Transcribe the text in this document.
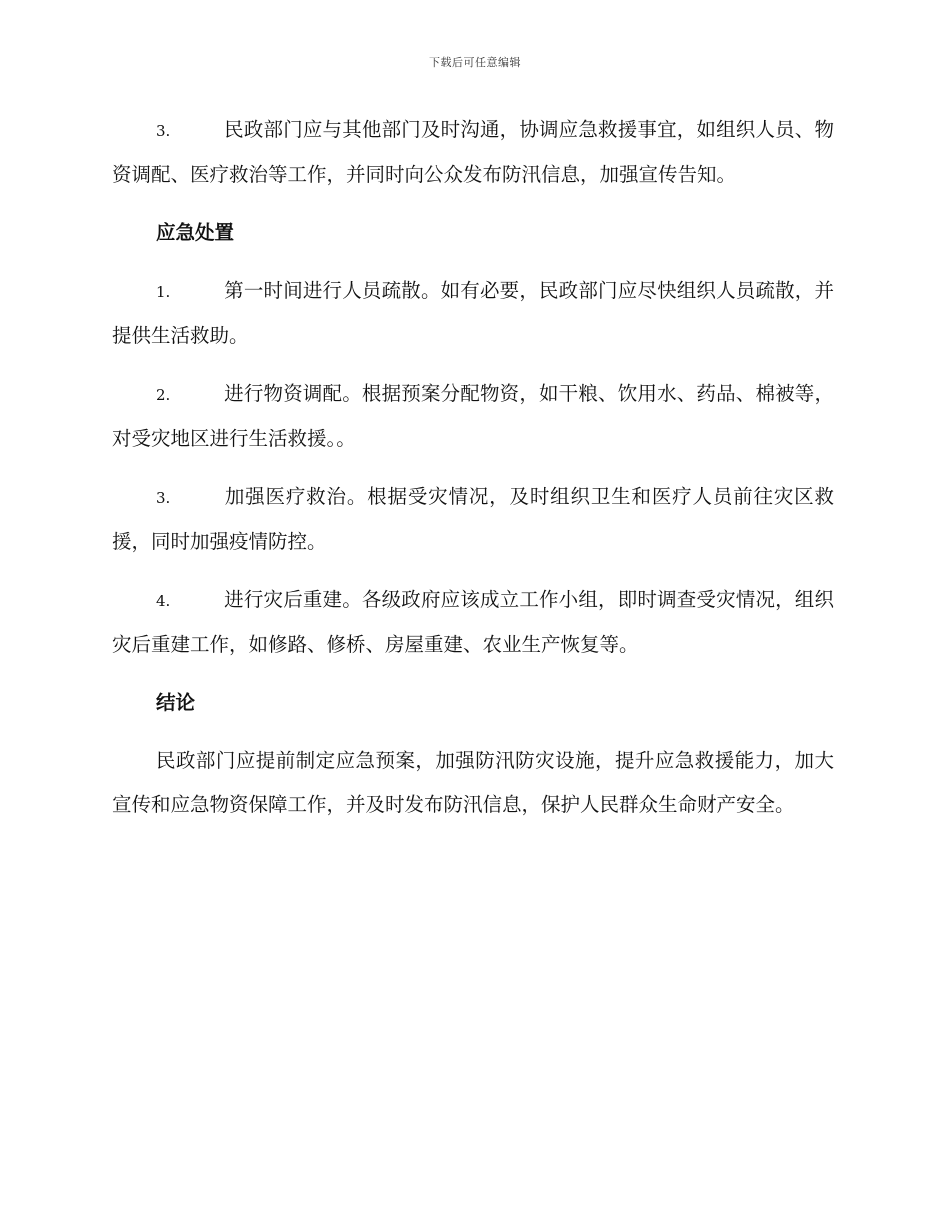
下载后可任意编辑

3.	民政部门应与其他部门及时沟通，协调应急救援事宜，如组织人员、物资调配、医疗救治等工作，并同时向公众发布防汛信息，加强宣传告知。

应急处置

1.	第一时间进行人员疏散。如有必要，民政部门应尽快组织人员疏散，并提供生活救助。

2.	进行物资调配。根据预案分配物资，如干粮、饮用水、药品、棉被等，对受灾地区进行生活救援。。

3.	加强医疗救治。根据受灾情况，及时组织卫生和医疗人员前往灾区救援，同时加强疫情防控。

4.	进行灾后重建。各级政府应该成立工作小组，即时调查受灾情况，组织灾后重建工作，如修路、修桥、房屋重建、农业生产恢复等。

结论

民政部门应提前制定应急预案，加强防汛防灾设施，提升应急救援能力，加大宣传和应急物资保障工作，并及时发布防汛信息，保护人民群众生命财产安全。
